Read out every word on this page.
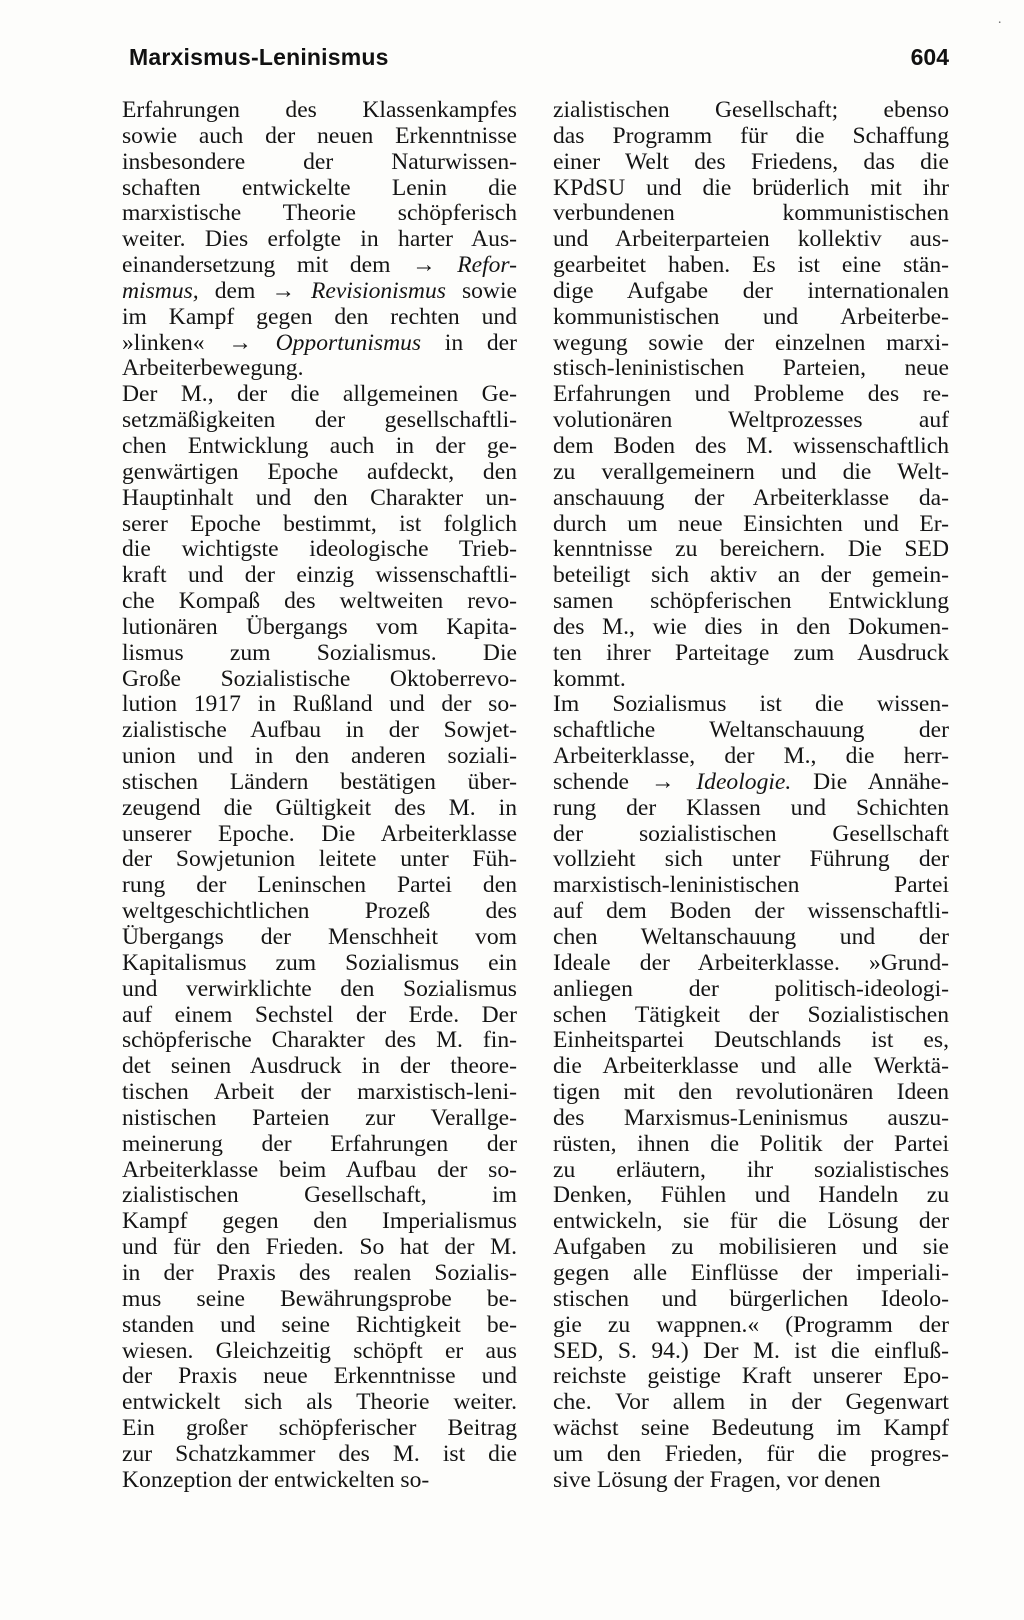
·
Marxismus-Leninismus	604
Erfahrungen des Klassenkampfes
sowie auch der neuen Erkenntnisse
insbesondere der Naturwissen-
schaften entwickelte Lenin die
marxistische Theorie schöpferisch
weiter. Dies erfolgte in harter Aus-
einandersetzung mit dem → Refor-
mismus, dem → Revisionismus sowie
im Kampf gegen den rechten und
»linken« → Opportunismus in der
Arbeiterbewegung.
Der M., der die allgemeinen Ge-
setzmäßigkeiten der gesellschaftli-
chen Entwicklung auch in der ge-
genwärtigen Epoche aufdeckt, den
Hauptinhalt und den Charakter un-
serer Epoche bestimmt, ist folglich
die wichtigste ideologische Trieb-
kraft und der einzig wissenschaftli-
che Kompaß des weltweiten revo-
lutionären Übergangs vom Kapita-
lismus zum Sozialismus. Die
Große Sozialistische Oktoberrevo-
lution 1917 in Rußland und der so-
zialistische Aufbau in der Sowjet-
union und in den anderen soziali-
stischen Ländern bestätigen über-
zeugend die Gültigkeit des M. in
unserer Epoche. Die Arbeiterklasse
der Sowjetunion leitete unter Füh-
rung der Leninschen Partei den
weltgeschichtlichen Prozeß des
Übergangs der Menschheit vom
Kapitalismus zum Sozialismus ein
und verwirklichte den Sozialismus
auf einem Sechstel der Erde. Der
schöpferische Charakter des M. fin-
det seinen Ausdruck in der theore-
tischen Arbeit der marxistisch-leni-
nistischen Parteien zur Verallge-
meinerung der Erfahrungen der
Arbeiterklasse beim Aufbau der so-
zialistischen Gesellschaft, im
Kampf gegen den Imperialismus
und für den Frieden. So hat der M.
in der Praxis des realen Sozialis-
mus seine Bewährungsprobe be-
standen und seine Richtigkeit be-
wiesen. Gleichzeitig schöpft er aus
der Praxis neue Erkenntnisse und
entwickelt sich als Theorie weiter.
Ein großer schöpferischer Beitrag
zur Schatzkammer des M. ist die
Konzeption der entwickelten so-
zialistischen Gesellschaft; ebenso
das Programm für die Schaffung
einer Welt des Friedens, das die
KPdSU und die brüderlich mit ihr
verbundenen kommunistischen
und Arbeiterparteien kollektiv aus-
gearbeitet haben. Es ist eine stän-
dige Aufgabe der internationalen
kommunistischen und Arbeiterbe-
wegung sowie der einzelnen marxi-
stisch-leninistischen Parteien, neue
Erfahrungen und Probleme des re-
volutionären Weltprozesses auf
dem Boden des M. wissenschaftlich
zu verallgemeinern und die Welt-
anschauung der Arbeiterklasse da-
durch um neue Einsichten und Er-
kenntnisse zu bereichern. Die SED
beteiligt sich aktiv an der gemein-
samen schöpferischen Entwicklung
des M., wie dies in den Dokumen-
ten ihrer Parteitage zum Ausdruck
kommt.
Im Sozialismus ist die wissen-
schaftliche Weltanschauung der
Arbeiterklasse, der M., die herr-
schende → Ideologie. Die Annähe-
rung der Klassen und Schichten
der sozialistischen Gesellschaft
vollzieht sich unter Führung der
marxistisch-leninistischen Partei
auf dem Boden der wissenschaftli-
chen Weltanschauung und der
Ideale der Arbeiterklasse. »Grund-
anliegen der politisch-ideologi-
schen Tätigkeit der Sozialistischen
Einheitspartei Deutschlands ist es,
die Arbeiterklasse und alle Werktä-
tigen mit den revolutionären Ideen
des Marxismus-Leninismus auszu-
rüsten, ihnen die Politik der Partei
zu erläutern, ihr sozialistisches
Denken, Fühlen und Handeln zu
entwickeln, sie für die Lösung der
Aufgaben zu mobilisieren und sie
gegen alle Einflüsse der imperiali-
stischen und bürgerlichen Ideolo-
gie zu wappnen.« (Programm der
SED, S. 94.) Der M. ist die einfluß-
reichste geistige Kraft unserer Epo-
che. Vor allem in der Gegenwart
wächst seine Bedeutung im Kampf
um den Frieden, für die progres-
sive Lösung der Fragen, vor denen
